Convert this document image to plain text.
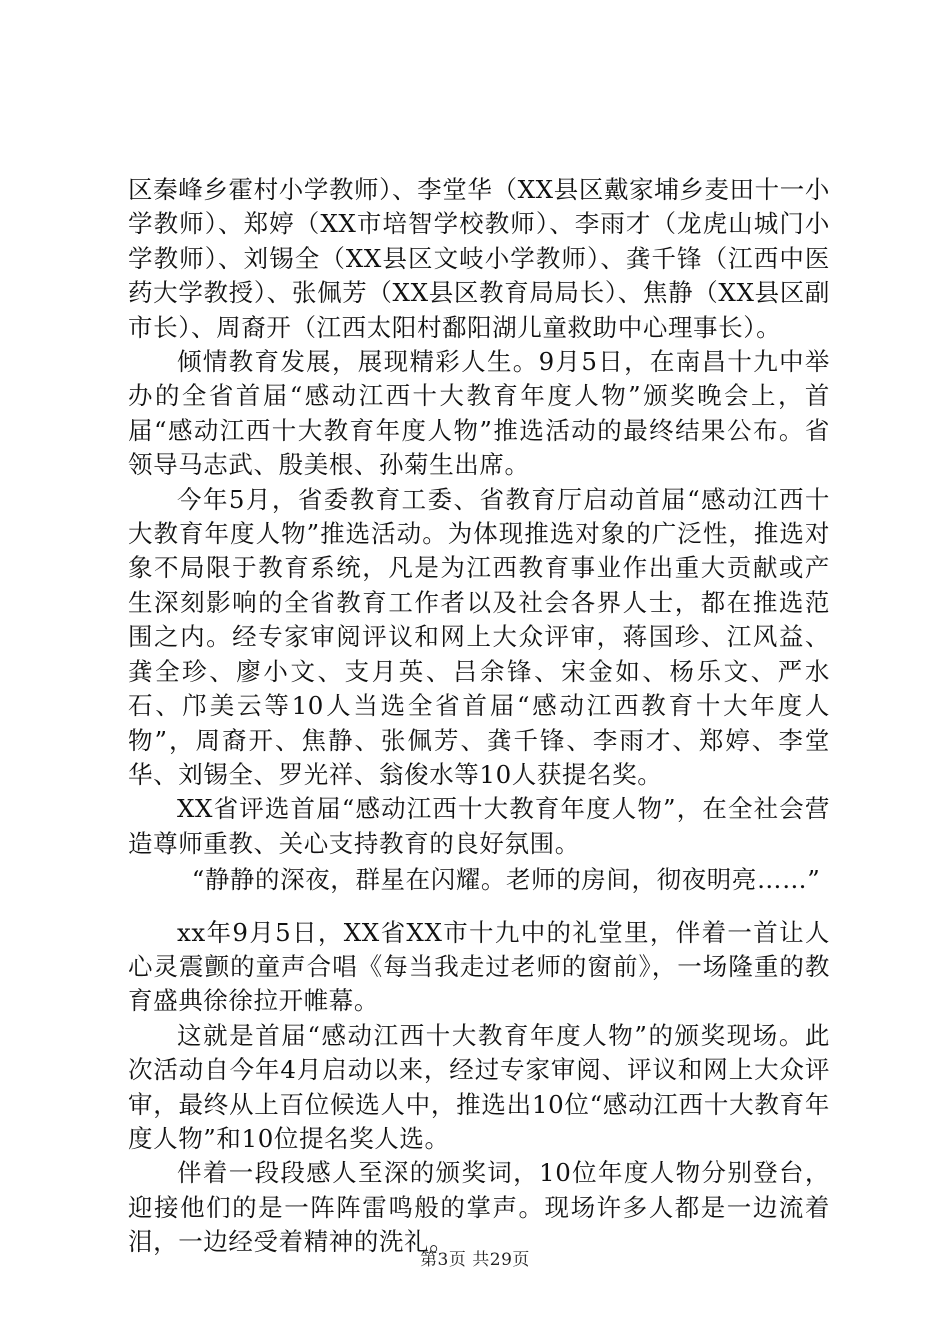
区秦峰乡霍村小学教师）、李堂华（XX县区戴家埔乡麦田十一小学教师）、郑婷（XX市培智学校教师）、李雨才（龙虎山城门小学教师）、刘锡全（XX县区文岐小学教师）、龚千锋（江西中医药大学教授）、张佩芳（XX县区教育局局长）、焦静（XX县区副市长）、周裔开（江西太阳村鄱阳湖儿童救助中心理事长）。

倾情教育发展，展现精彩人生。9月5日，在南昌十九中举办的全省首届“感动江西十大教育年度人物”颁奖晚会上，首届“感动江西十大教育年度人物”推选活动的最终结果公布。省领导马志武、殷美根、孙菊生出席。

今年5月，省委教育工委、省教育厅启动首届“感动江西十大教育年度人物”推选活动。为体现推选对象的广泛性，推选对象不局限于教育系统，凡是为江西教育事业作出重大贡献或产生深刻影响的全省教育工作者以及社会各界人士，都在推选范围之内。经专家审阅评议和网上大众评审，蒋国珍、江风益、龚全珍、廖小文、支月英、吕余锋、宋金如、杨乐文、严水石、邝美云等10人当选全省首届“感动江西教育十大年度人物”，周裔开、焦静、张佩芳、龚千锋、李雨才、郑婷、李堂华、刘锡全、罗光祥、翁俊水等10人获提名奖。

XX省评选首届“感动江西十大教育年度人物”，在全社会营造尊师重教、关心支持教育的良好氛围。

“静静的深夜，群星在闪耀。老师的房间，彻夜明亮……”

xx年9月5日，XX省XX市十九中的礼堂里，伴着一首让人心灵震颤的童声合唱《每当我走过老师的窗前》，一场隆重的教育盛典徐徐拉开帷幕。

这就是首届“感动江西十大教育年度人物”的颁奖现场。此次活动自今年4月启动以来，经过专家审阅、评议和网上大众评审，最终从上百位候选人中，推选出10位“感动江西十大教育年度人物”和10位提名奖人选。

伴着一段段感人至深的颁奖词，10位年度人物分别登台，迎接他们的是一阵阵雷鸣般的掌声。现场许多人都是一边流着泪，一边经受着精神的洗礼。

第3页 共29页
